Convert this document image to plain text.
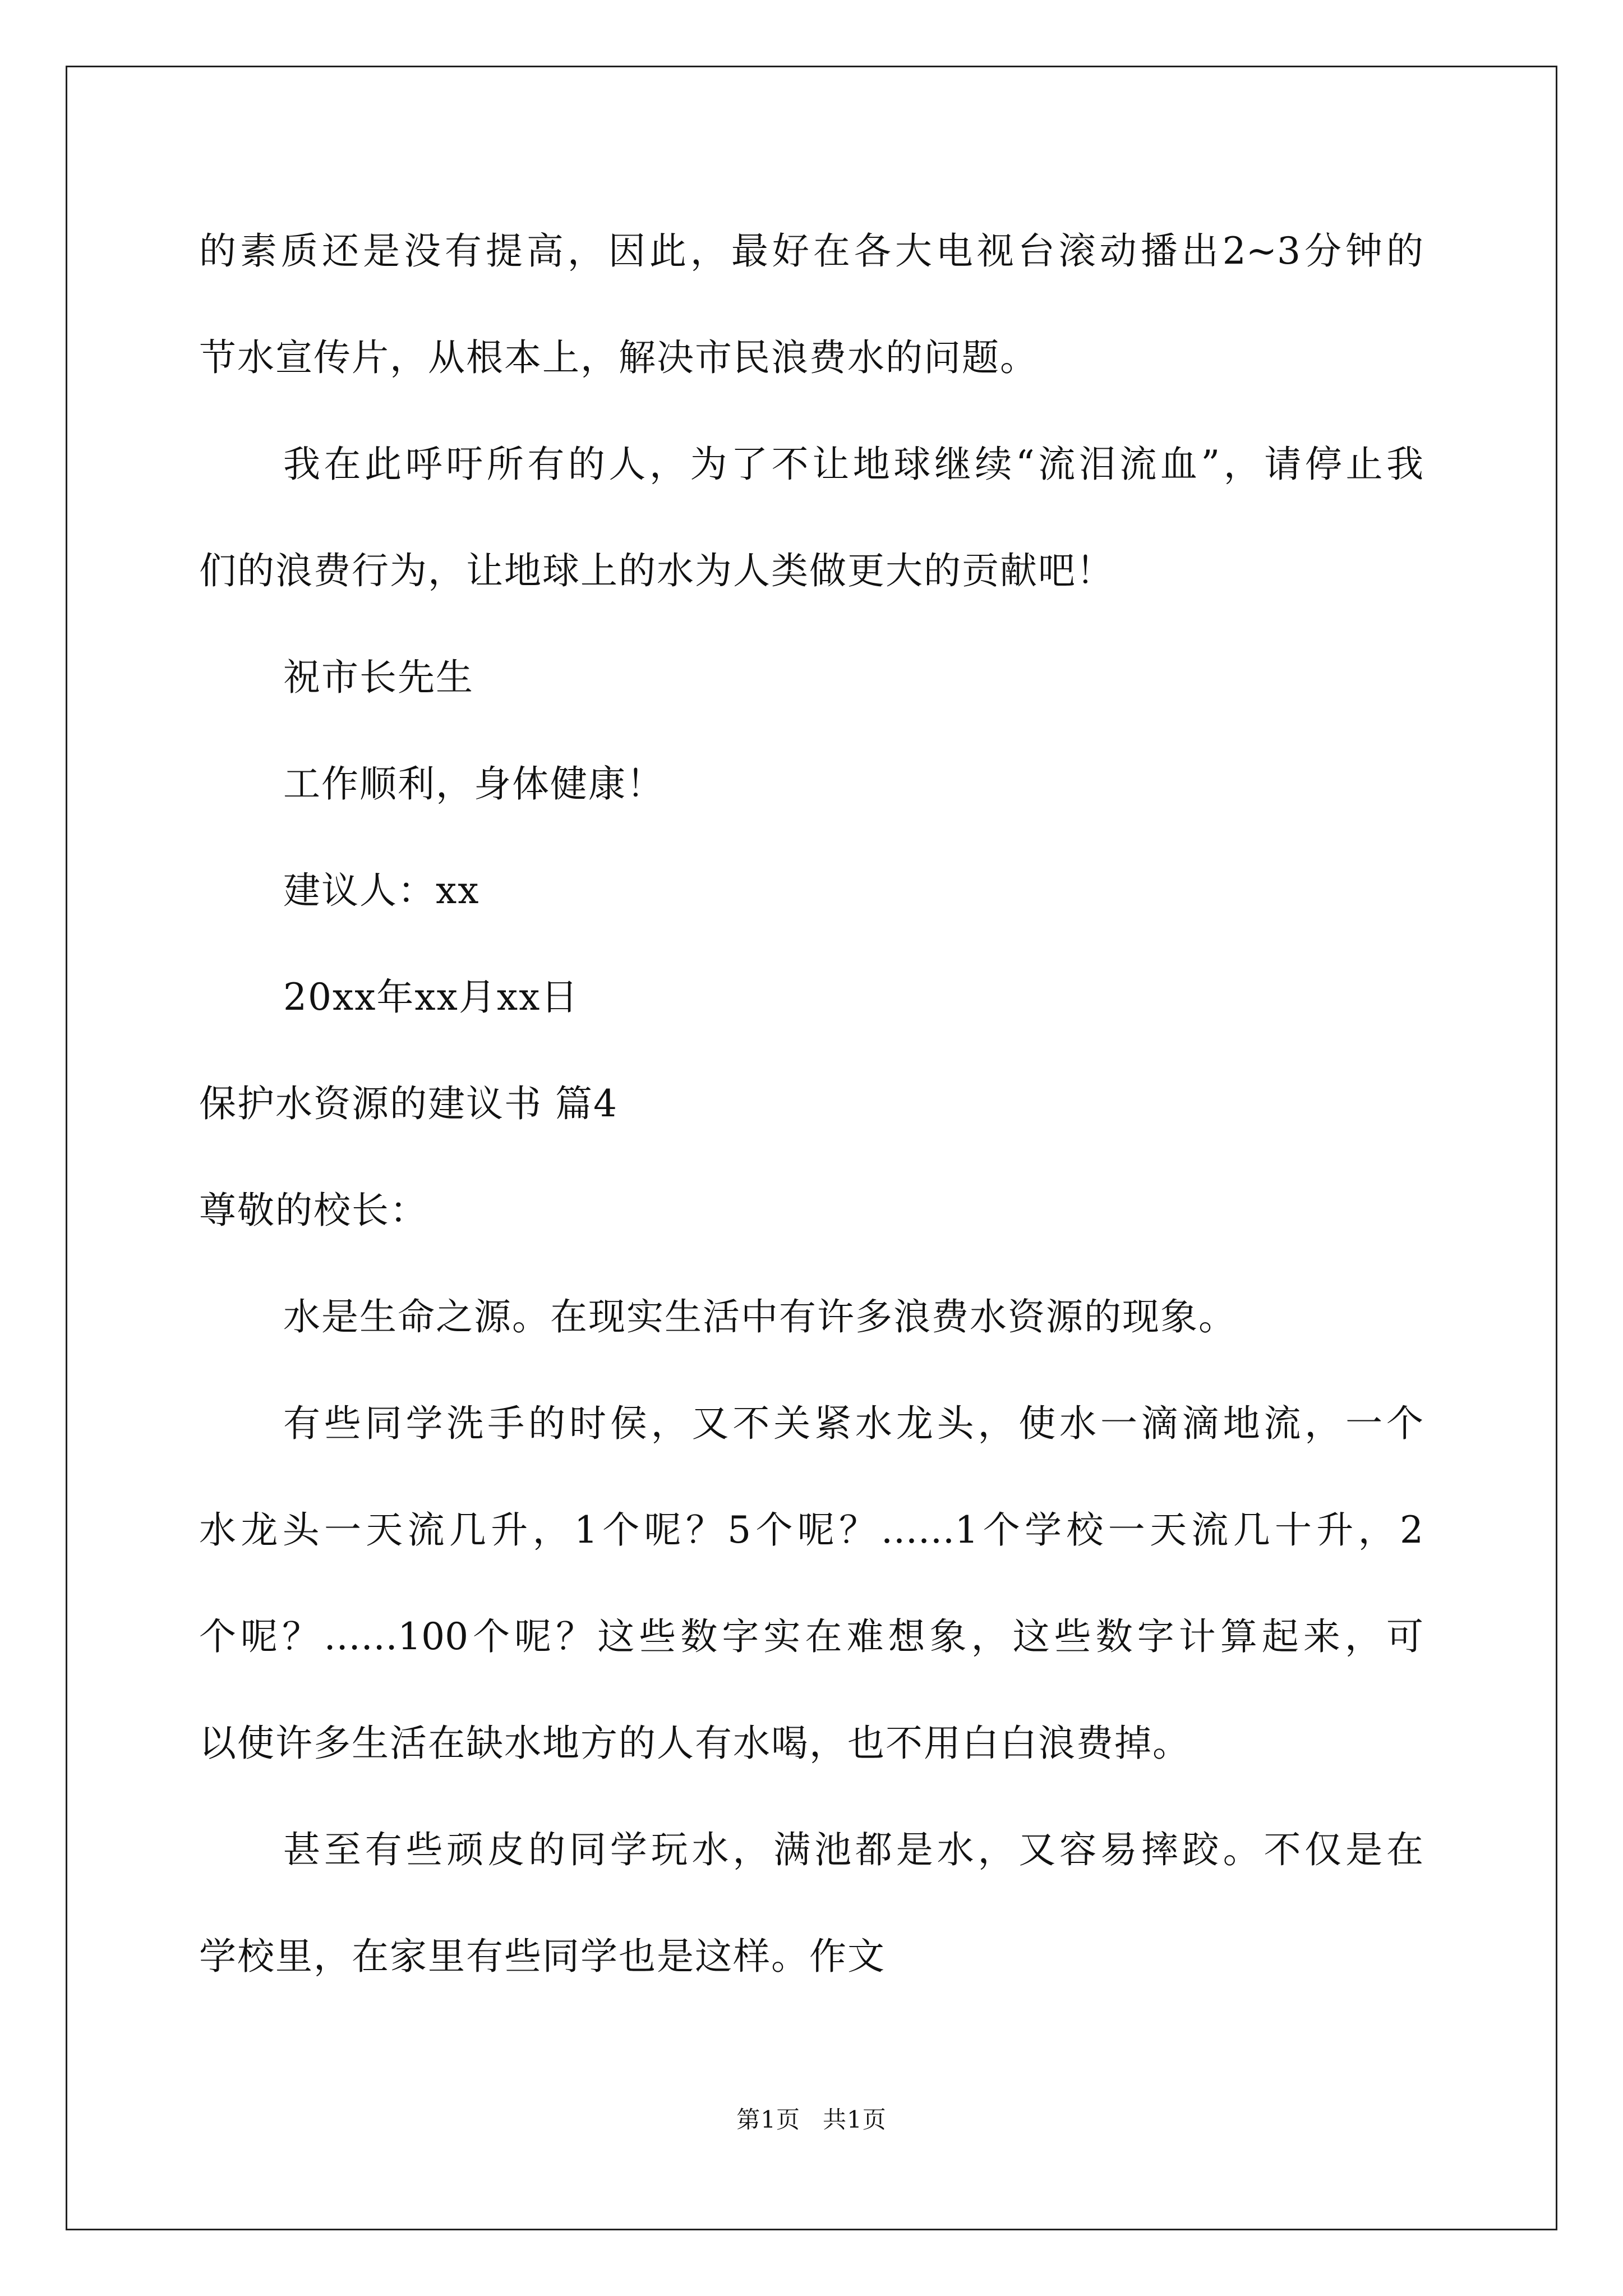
的素质还是没有提高，因此，最好在各大电视台滚动播出2~3分钟的
节水宣传片，从根本上，解决市民浪费水的问题。
我在此呼吁所有的人，为了不让地球继续“流泪流血”，请停止我
们的浪费行为，让地球上的水为人类做更大的贡献吧！
祝市长先生
工作顺利，身体健康！
建议人：xx
20xx年xx月xx日
保护水资源的建议书 篇4
尊敬的校长：
水是生命之源。在现实生活中有许多浪费水资源的现象。
有些同学洗手的时侯，又不关紧水龙头，使水一滴滴地流，一个
水龙头一天流几升，1个呢？5个呢？……1个学校一天流几十升，2
个呢？……100个呢？这些数字实在难想象，这些数字计算起来，可
以使许多生活在缺水地方的人有水喝，也不用白白浪费掉。
甚至有些顽皮的同学玩水，满池都是水，又容易摔跤。不仅是在
学校里，在家里有些同学也是这样。作文
第1页 共1页
